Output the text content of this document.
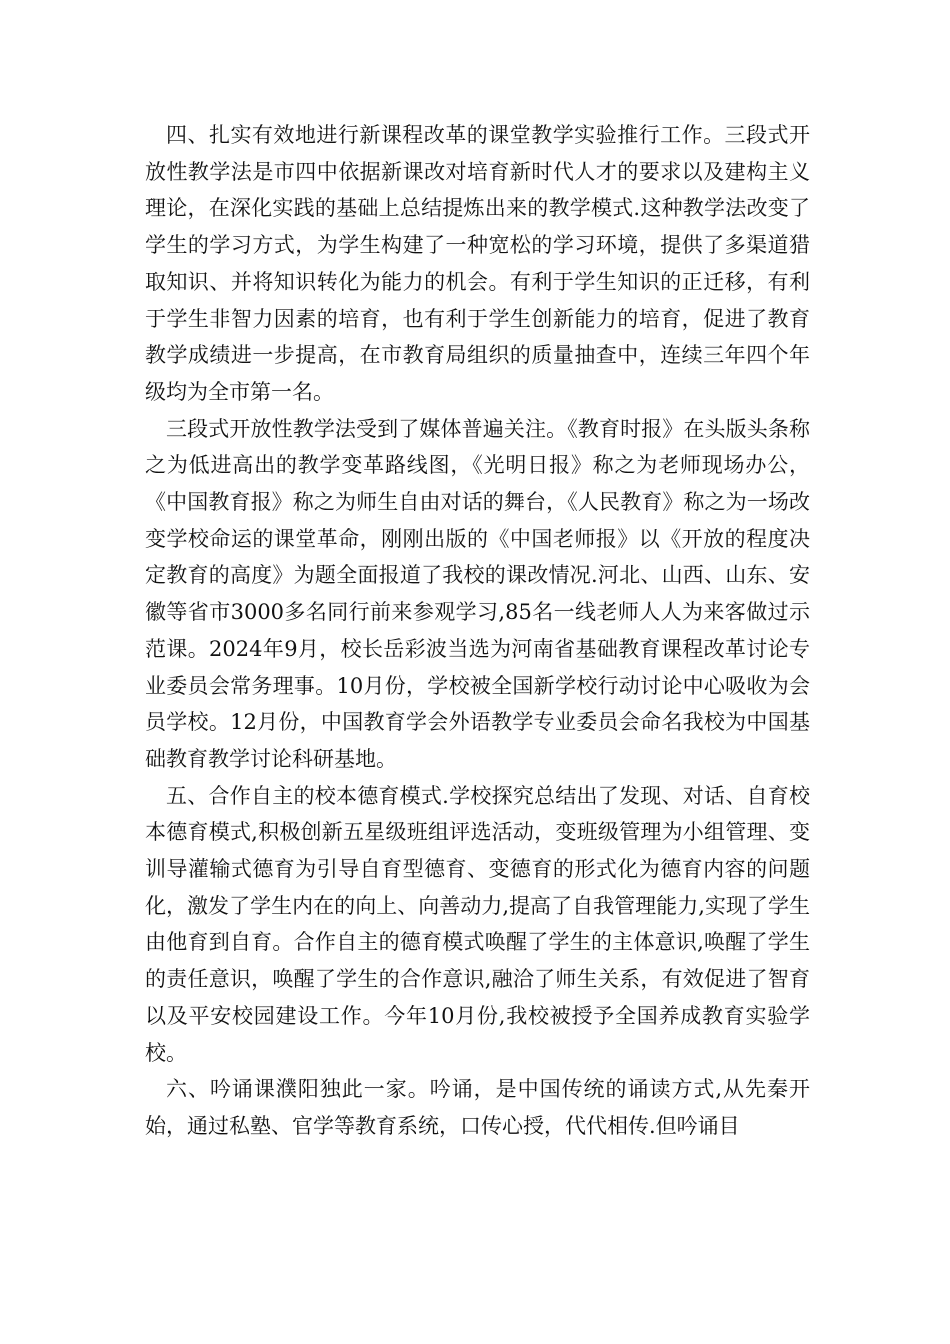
四、扎实有效地进行新课程改革的课堂教学实验推行工作。三段式开放性教学法是市四中依据新课改对培育新时代人才的要求以及建构主义理论，在深化实践的基础上总结提炼出来的教学模式.这种教学法改变了学生的学习方式，为学生构建了一种宽松的学习环境，提供了多渠道猎取知识、并将知识转化为能力的机会。有利于学生知识的正迁移，有利于学生非智力因素的培育，也有利于学生创新能力的培育，促进了教育教学成绩进一步提高，在市教育局组织的质量抽查中，连续三年四个年级均为全市第一名。

三段式开放性教学法受到了媒体普遍关注。《教育时报》在头版头条称之为低进高出的教学变革路线图，《光明日报》称之为老师现场办公，《中国教育报》称之为师生自由对话的舞台，《人民教育》称之为一场改变学校命运的课堂革命，刚刚出版的《中国老师报》以《开放的程度决定教育的高度》为题全面报道了我校的课改情况.河北、山西、山东、安徽等省市3000多名同行前来参观学习,85名一线老师人人为来客做过示范课。2024年9月，校长岳彩波当选为河南省基础教育课程改革讨论专业委员会常务理事。10月份，学校被全国新学校行动讨论中心吸收为会员学校。12月份，中国教育学会外语教学专业委员会命名我校为中国基础教育教学讨论科研基地。

五、合作自主的校本德育模式.学校探究总结出了发现、对话、自育校本德育模式,积极创新五星级班组评选活动，变班级管理为小组管理、变训导灌输式德育为引导自育型德育、变德育的形式化为德育内容的问题化，激发了学生内在的向上、向善动力,提高了自我管理能力,实现了学生由他育到自育。合作自主的德育模式唤醒了学生的主体意识,唤醒了学生的责任意识，唤醒了学生的合作意识,融洽了师生关系，有效促进了智育以及平安校园建设工作。今年10月份,我校被授予全国养成教育实验学校。

六、吟诵课濮阳独此一家。吟诵，是中国传统的诵读方式,从先秦开始，通过私塾、官学等教育系统，口传心授，代代相传.但吟诵目
